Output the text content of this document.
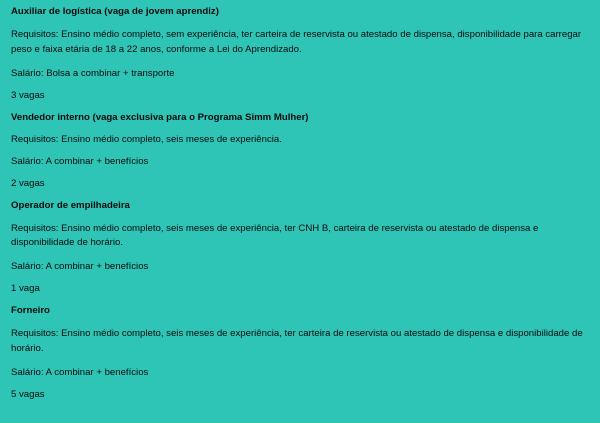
Auxiliar de logística (vaga de jovem aprendiz)
Requisitos: Ensino médio completo, sem experiência, ter carteira de reservista ou atestado de dispensa, disponibilidade para carregar peso e faixa etária de 18 a 22 anos, conforme a Lei do Aprendizado.
Salário: Bolsa a combinar + transporte
3 vagas
Vendedor interno (vaga exclusiva para o Programa Simm Mulher)
Requisitos: Ensino médio completo, seis meses de experiência.
Salário: A combinar + benefícios
2 vagas
Operador de empilhadeira
Requisitos: Ensino médio completo, seis meses de experiência, ter CNH B, carteira de reservista ou atestado de dispensa e disponibilidade de horário.
Salário: A combinar + benefícios
1 vaga
Forneiro
Requisitos: Ensino médio completo, seis meses de experiência, ter carteira de reservista ou atestado de dispensa e disponibilidade de horário.
Salário: A combinar + benefícios
5 vagas
